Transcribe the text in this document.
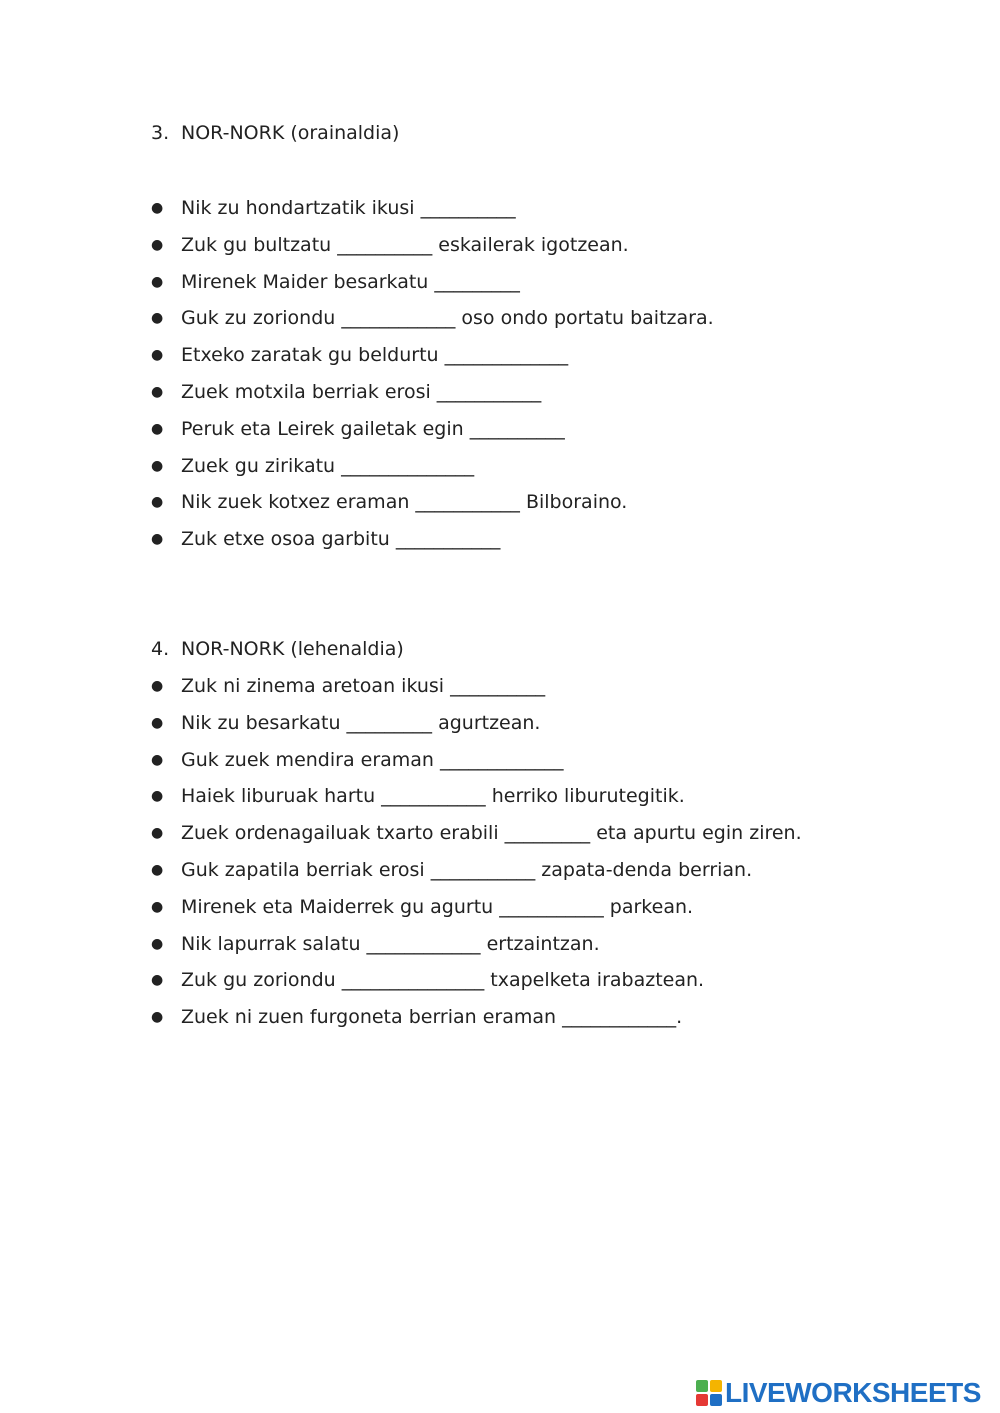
3. NOR-NORK (orainaldia)
● Nik zu hondartzatik ikusi __________
● Zuk gu bultzatu __________ eskailerak igotzean.
● Mirenek Maider besarkatu _________
● Guk zu zoriondu ____________ oso ondo portatu baitzara.
● Etxeko zaratak gu beldurtu _____________
● Zuek motxila berriak erosi ___________
● Peruk eta Leirek gailetak egin __________
● Zuek gu zirikatu ______________
● Nik zuek kotxez eraman ___________ Bilboraino.
● Zuk etxe osoa garbitu ___________
4. NOR-NORK (lehenaldia)
● Zuk ni zinema aretoan ikusi __________
● Nik zu besarkatu _________ agurtzean.
● Guk zuek mendira eraman _____________
● Haiek liburuak hartu ___________ herriko liburutegitik.
● Zuek ordenagailuak txarto erabili _________ eta apurtu egin ziren.
● Guk zapatila berriak erosi ___________ zapata-denda berrian.
● Mirenek eta Maiderrek gu agurtu ___________ parkean.
● Nik lapurrak salatu ____________ ertzaintzan.
● Zuk gu zoriondu _______________ txapelketa irabaztean.
● Zuek ni zuen furgoneta berrian eraman ____________.
LIVEWORKSHEETS
